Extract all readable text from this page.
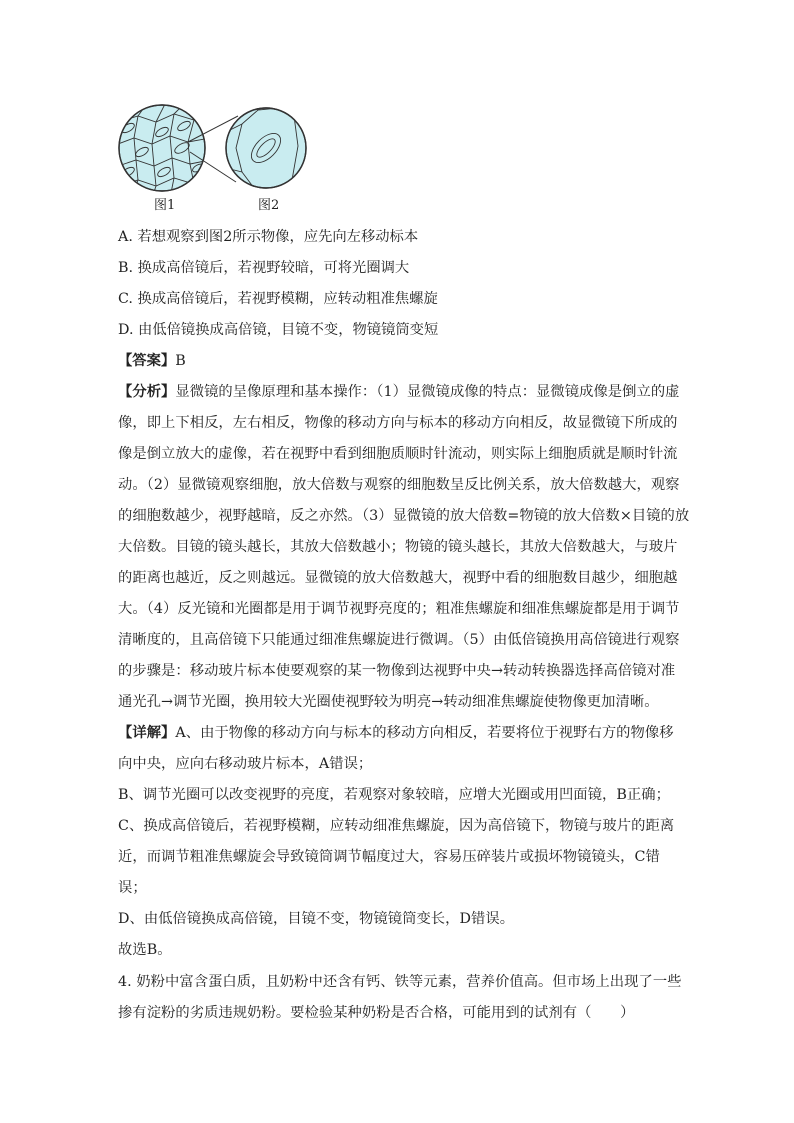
图1	图2
A. 若想观察到图2所示物像，应先向左移动标本
B. 换成高倍镜后，若视野较暗，可将光圈调大
C. 换成高倍镜后，若视野模糊，应转动粗准焦螺旋
D. 由低倍镜换成高倍镜，目镜不变，物镜镜筒变短
【答案】B
【分析】显微镜的呈像原理和基本操作：（1）显微镜成像的特点：显微镜成像是倒立的虚
像，即上下相反，左右相反，物像的移动方向与标本的移动方向相反，故显微镜下所成的
像是倒立放大的虚像，若在视野中看到细胞质顺时针流动，则实际上细胞质就是顺时针流
动。（2）显微镜观察细胞，放大倍数与观察的细胞数呈反比例关系，放大倍数越大，观察
的细胞数越少，视野越暗，反之亦然。（3）显微镜的放大倍数=物镜的放大倍数×目镜的放
大倍数。目镜的镜头越长，其放大倍数越小；物镜的镜头越长，其放大倍数越大，与玻片
的距离也越近，反之则越远。显微镜的放大倍数越大，视野中看的细胞数目越少，细胞越
大。（4）反光镜和光圈都是用于调节视野亮度的；粗准焦螺旋和细准焦螺旋都是用于调节
清晰度的，且高倍镜下只能通过细准焦螺旋进行微调。（5）由低倍镜换用高倍镜进行观察
的步骤是：移动玻片标本使要观察的某一物像到达视野中央→转动转换器选择高倍镜对准
通光孔→调节光圈，换用较大光圈使视野较为明亮→转动细准焦螺旋使物像更加清晰。
【详解】A、由于物像的移动方向与标本的移动方向相反，若要将位于视野右方的物像移
向中央，应向右移动玻片标本，A错误；
B、调节光圈可以改变视野的亮度，若观察对象较暗，应增大光圈或用凹面镜，B正确；
C、换成高倍镜后，若视野模糊，应转动细准焦螺旋，因为高倍镜下，物镜与玻片的距离
近，而调节粗准焦螺旋会导致镜筒调节幅度过大，容易压碎装片或损坏物镜镜头，C错
误；
D、由低倍镜换成高倍镜，目镜不变，物镜镜筒变长，D错误。
故选B。
4. 奶粉中富含蛋白质，且奶粉中还含有钙、铁等元素，营养价值高。但市场上出现了一些
掺有淀粉的劣质违规奶粉。要检验某种奶粉是否合格，可能用到的试剂有（　　）
